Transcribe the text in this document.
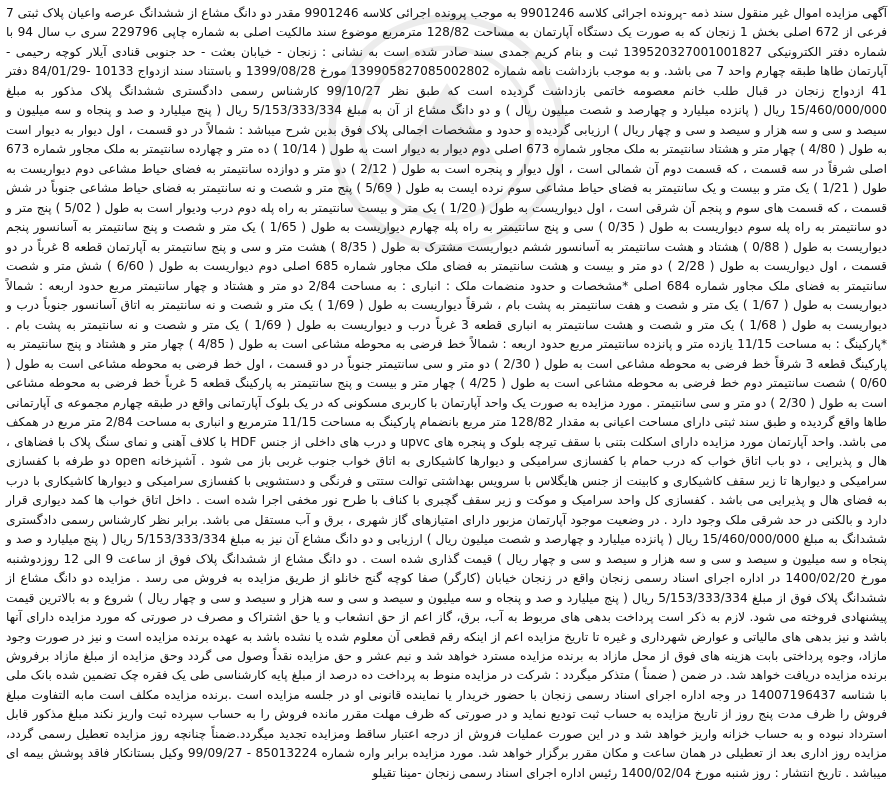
آگهی مزایده اموال غیر منقول سند ذمه -پرونده اجرائی کلاسه 9901246 به موجب پرونده اجرائی کلاسه 9901246 مقدر دو دانگ مشاع از ششدانگ عرصه واعیان پلاک ثبتی 7 فرعی از 672 اصلی بخش 1 زنجان که به صورت یک دستگاه آپارتمان به مساحت 128/82 مترمربع موضوع سند مالکیت اصلی به شماره چاپی 229796 سری ب سال 94 با شماره دفتر الکترونیکی 139520327001001827 ثبت و بنام کریم جمدی سند صادر شده است به نشانی : زنجان - خیابان بعثت - حد جنوبی قنادی آیلار کوچه رحیمی - آپارتمان طاها طبقه چهارم واحد 7 می باشد. و به موجب بازداشت نامه شماره 139905827085002802 مورخ 1399/08/28 و باستناد سند ازدواج 10133 -84/01/29 دفتر 41 ازدواج زنجان در قبال طلب خانم معصومه خاتمی بازداشت گردیده است که طبق نظر 99/10/27 کارشناس رسمی دادگستری ششدانگ پلاک مذکور به مبلغ 15/460/000/000 ریال ( پانزده میلیارد و چهارصد و شصت میلیون ریال ) و دو دانگ مشاع از آن به مبلغ 5/153/333/334 ریال ( پنج میلیارد و صد و پنجاه و سه میلیون و سیصد و سی و سه هزار و سیصد و سی و چهار ریال ) ارزیابی گردیده و حدود و مشخصات اجمالی پلاک فوق بدین شرح میباشد : شمالاً در دو قسمت ، اول دیوار به دیوار است به طول ( 4/80 ) چهار متر و هشتاد سانتیمتر به ملک مجاور شماره 673 اصلی دوم دیوار به دیوار است به طول ( 10/14 ) ده متر و چهارده سانتیمتر به ملک مجاور شماره 673 اصلی شرقاً در سه قسمت ، که قسمت دوم آن شمالی است ، اول دیوار و پنجره است به طول ( 2/12 ) دو متر و دوازده سانتیمتر به فضای حیاط مشاعی دوم دیواریست به طول ( 1/21 ) یک متر و بیست و یک سانتیمتر به فضای حیاط مشاعی سوم نرده ایست به طول ( 5/69 ) پنج متر و شصت و نه سانتیمتر به فضای حیاط مشاعی جنوباً در شش قسمت ، که قسمت های سوم و پنجم آن شرقی است ، اول دیواریست به طول ( 1/20 ) یک متر و بیست سانتیمتر به راه پله دوم درب ودیوار است به طول ( 5/02 ) پنج متر و دو سانتیمتر به راه پله سوم دیواریست به طول ( 0/35 ) سی و پنج سانتیمتر به راه پله چهارم دیواریست به طول ( 1/65 ) یک متر و شصت و پنج سانتیمتر به آسانسور پنجم دیواریست به طول ( 0/88 ) هشتاد و هشت سانتیمتر به آسانسور ششم دیواریست مشترک به طول ( 8/35 ) هشت متر و سی و پنج سانتیمتر به آپارتمان قطعه 8 غرباً در دو قسمت ، اول دیواریست به طول ( 2/28 ) دو متر و بیست و هشت سانتیمتر به فضای ملک مجاور شماره 685 اصلی دوم دیواریست به طول ( 6/60 ) شش متر و شصت سانتیمتر به فضای ملک مجاور شماره 684 اصلی *مشخصات و حدود منضمات ملک : انباری : به مساحت 2/84 دو متر و هشتاد و چهار سانتیمتر مربع حدود اربعه : شمالاً دیواریست به طول ( 1/67 ) یک متر و شصت و هفت سانتیمتر به پشت بام ، شرقاً دیواریست به طول ( 1/69 ) یک متر و شصت و نه سانتیمتر به اتاق آسانسور جنوباً درب و دیواریست به طول ( 1/68 ) یک متر و شصت و هشت سانتیمتر به انباری قطعه 3 غرباً درب و دیواریست به طول ( 1/69 ) یک متر و شصت و نه سانتیمتر به پشت بام . *پارکینگ : به مساحت 11/15 یازده متر و پانزده سانتیمتر مربع حدود اربعه : شمالاً خط فرضی به محوطه مشاعی است به طول ( 4/85 ) چهار متر و هشتاد و پنج سانتیمتر به پارکینگ قطعه 3 شرقاً خط فرضی به محوطه مشاعی است به طول ( 2/30 ) دو متر و سی سانتیمتر جنوباً در دو قسمت ، اول خط فرضی به محوطه مشاعی است به طول ( 0/60 ) شصت سانتیمتر دوم خط فرضی به محوطه مشاعی است به طول ( 4/25 ) چهار متر و بیست و پنج سانتیمتر به پارکینگ قطعه 5 غرباً خط فرضی به محوطه مشاعی است به طول ( 2/30 ) دو متر و سی سانتیمتر . مورد مزایده به صورت یک واحد آپارتمان با کاربری مسکونی که در یک بلوک آپارتمانی واقع در طبقه چهارم مجموعه ی آپارتمانی طاها واقع گردیده و طبق سند ثبتی دارای مساحت اعیانی به مقدار 128/82 متر مربع بانضمام پارکینگ به مساحت 11/15 مترمربع و انباری به مساحت 2/84 متر مربع در همکف می باشد. واحد آپارتمان مورد مزایده دارای اسکلت بتنی با سقف تیرچه بلوک و پنجره های upvc و درب های داخلی از جنس HDF با کلاف آهنی و نمای سنگ پلاک با فضاهای ، هال و پذیرایی ، دو باب اتاق خواب که درب حمام با کفسازی سرامیکی و دیوارها کاشیکاری به اتاق خواب جنوب غربی باز می شود . آشپزخانه open دو طرفه با کفسازی سرامیکی و دیوارها تا زیر سقف کاشیکاری و کابینت از جنس هایگلاس با سرویس بهداشتی توالت ستتی و فرنگی و دستشویی با کفسازی سرامیکی و دیوارها کاشیکاری با درب به فضای هال و پذیرایی می باشد . کفسازی کل واحد سرامیک و موکت و زیر سقف گچبری با کناف با طرح نور مخفی اجرا شده است . داخل اتاق خواب ها کمد دیواری قرار دارد و بالکنی در حد شرقی ملک وجود دارد . در وضعیت موجود آپارتمان مزبور دارای امتیازهای گاز شهری ، برق و آب مستقل می باشد. برابر نظر کارشناس رسمی دادگستری ششدانگ به مبلغ 15/460/000/000 ریال ( پانزده میلیارد و چهارصد و شصت میلیون ریال ) ارزیابی و دو دانگ مشاع آن نیز به مبلغ 5/153/333/334 ریال ( پنج میلیارد و صد و پنجاه و سه میلیون و سیصد و سی و سه هزار و سیصد و سی و چهار ریال ) قیمت گذاری شده است . دو دانگ مشاع از ششدانگ پلاک فوق از ساعت 9 الی 12 روزدوشنبه مورخ 1400/02/20 در اداره اجرای اسناد رسمی زنجان واقع در زنجان خیابان (کارگر) صفا کوچه گنج خانلو از طریق مزایده به فروش می رسد . مزایده دو دانگ مشاع از ششدانگ پلاک فوق از مبلغ 5/153/333/334 ریال ( پنج میلیارد و صد و پنجاه و سه میلیون و سیصد و سی و سه هزار و سیصد و سی و چهار ریال ) شروع و به بالاترین قیمت پیشنهادی فروخته می شود. لازم به ذکر است پرداخت بدهی های مربوط به آب، برق، گاز اعم از حق انشعاب و یا حق اشتراک و مصرف در صورتی که مورد مزایده دارای آنها باشد و نیز بدهی های مالیاتی و عوارض شهرداری و غیره تا تاریخ مزایده اعم از اینکه رقم قطعی آن معلوم شده یا نشده باشد به عهده برنده مزایده است و نیز در صورت وجود مازاد، وجوه پرداختی بابت هزینه های فوق از محل مازاد به برنده مزایده مسترد خواهد شد و نیم عشر و حق مزایده نقداً وصول می گردد وحق مزایده از مبلغ مازاد برفروش برنده مزایده دریافت خواهد شد. در ضمن ( ضمناً ) متذکر میگردد : شرکت در مزایده منوط به پرداخت ده درصد از مبلغ پایه کارشناسی طی یک فقره چک تضمین شده بانک ملی با شناسه 14007196437 در وجه اداره اجرای اسناد رسمی زنجان با حضور خریدار یا نماینده قانونی او در جلسه مزایده است .برنده مزایده مکلف است مابه التفاوت مبلغ فروش را ظرف مدت پنج روز از تاریخ مزایده به حساب ثبت تودیع نماید و در صورتی که ظرف مهلت مقرر مانده فروش را به حساب سپرده ثبت واریز نکند مبلغ مذکور قابل استرداد نبوده و به حساب خزانه واریز خواهد شد و در این صورت عملیات فروش از درجه اعتبار ساقط ومزایده تجدید میگردد.ضمناً چنانچه روز مزایده تعطیل رسمی گردد، مزایده روز اداری بعد از تعطیلی در همان ساعت و مکان مقرر برگزار خواهد شد. مورد مزایده برابر واره شماره 85013224 - 99/09/27 وکیل بستانکار فاقد پوشش بیمه ای میباشد . تاریخ انتشار : روز شنبه مورخ 1400/02/04 رئیس اداره اجرای اسناد رسمی زنجان -مینا تقیلو
